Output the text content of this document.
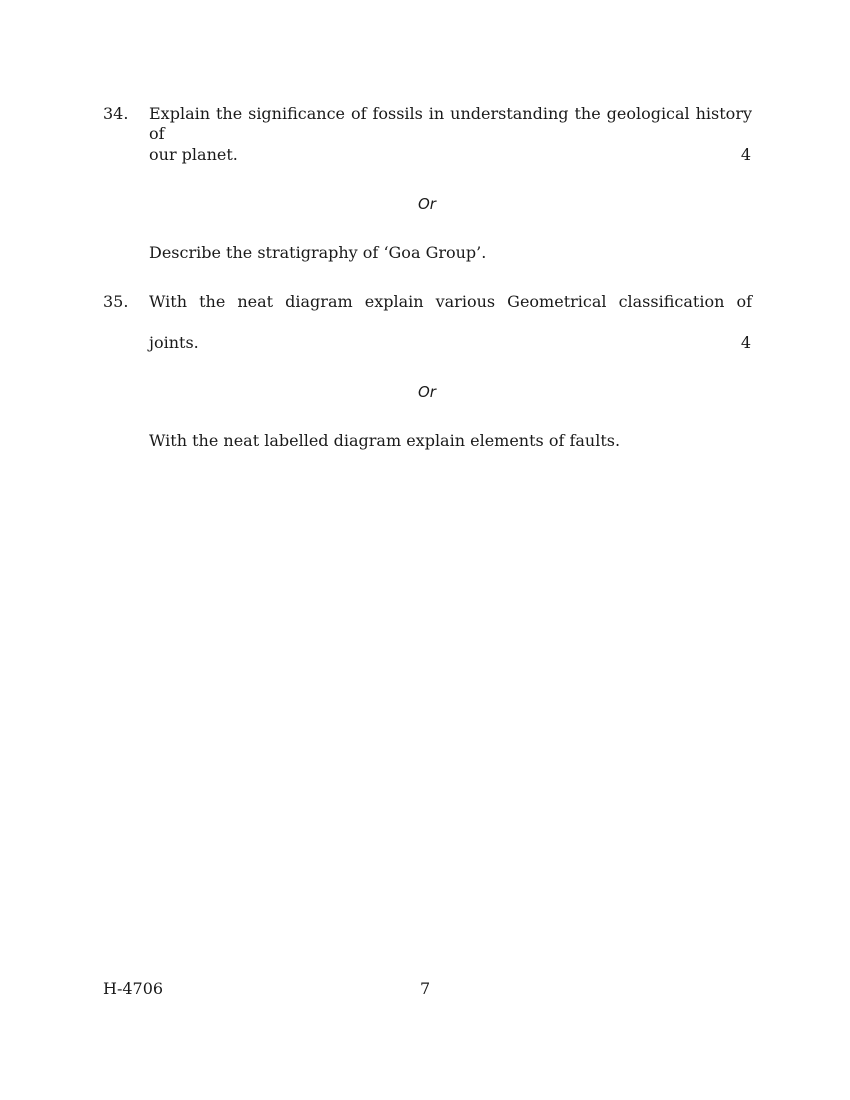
34. Explain the significance of fossils in understanding the geological history of
our planet.	4
Or
Describe the stratigraphy of ‘Goa Group’.
35. With the neat diagram explain various Geometrical classification of
joints.	4
Or
With the neat labelled diagram explain elements of faults.
H-4706	7
